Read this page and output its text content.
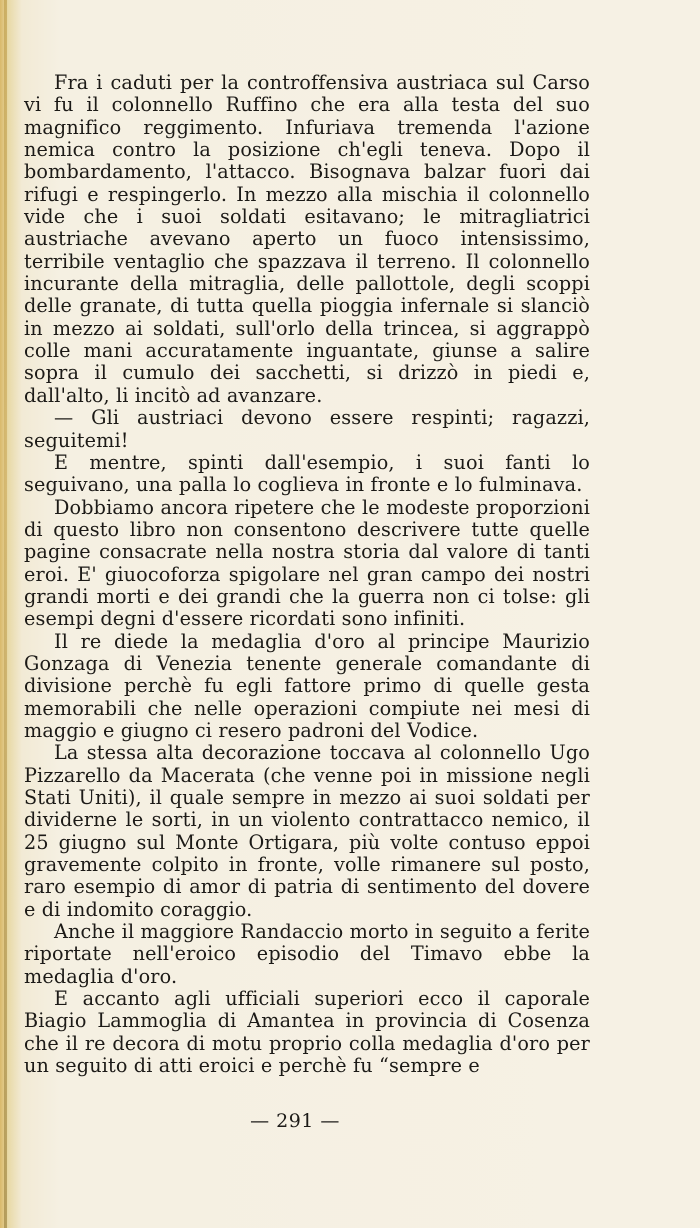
Fra i caduti per la controffensiva austriaca sul Carso vi fu il colonnello Ruffino che era alla testa del suo magnifico reggimento. Infuriava tremenda l'azione nemica contro la posizione ch'egli teneva. Dopo il bombardamento, l'attacco. Bisognava balzar fuori dai rifugi e respingerlo. In mezzo alla mischia il colonnello vide che i suoi soldati esitavano; le mitragliatrici austriache avevano aperto un fuoco intensissimo, terribile ventaglio che spazzava il terreno. Il colonnello incurante della mitraglia, delle pallottole, degli scoppi delle granate, di tutta quella pioggia infernale si slanciò in mezzo ai soldati, sull'orlo della trincea, si aggrappò colle mani accuratamente inguantate, giunse a salire sopra il cumulo dei sacchetti, si drizzò in piedi e, dall'alto, li incitò ad avanzare.

— Gli austriaci devono essere respinti; ragazzi, seguitemi!

E mentre, spinti dall'esempio, i suoi fanti lo seguivano, una palla lo coglieva in fronte e lo fulminava.

Dobbiamo ancora ripetere che le modeste proporzioni di questo libro non consentono descrivere tutte quelle pagine consacrate nella nostra storia dal valore di tanti eroi. E' giuocoforza spigolare nel gran campo dei nostri grandi morti e dei grandi che la guerra non ci tolse: gli esempi degni d'essere ricordati sono infiniti.

Il re diede la medaglia d'oro al principe Maurizio Gonzaga di Venezia tenente generale comandante di divisione perchè fu egli fattore primo di quelle gesta memorabili che nelle operazioni compiute nei mesi di maggio e giugno ci resero padroni del Vodice.

La stessa alta decorazione toccava al colonnello Ugo Pizzarello da Macerata (che venne poi in missione negli Stati Uniti), il quale sempre in mezzo ai suoi soldati per dividerne le sorti, in un violento contrattacco nemico, il 25 giugno sul Monte Ortigara, più volte contuso eppoi gravemente colpito in fronte, volle rimanere sul posto, raro esempio di amor di patria di sentimento del dovere e di indomito coraggio.

Anche il maggiore Randaccio morto in seguito a ferite riportate nell'eroico episodio del Timavo ebbe la medaglia d'oro.

E accanto agli ufficiali superiori ecco il caporale Biagio Lammoglia di Amantea in provincia di Cosenza che il re decora di motu proprio colla medaglia d'oro per un seguito di atti eroici e perchè fu “sempre e

— 291 —
